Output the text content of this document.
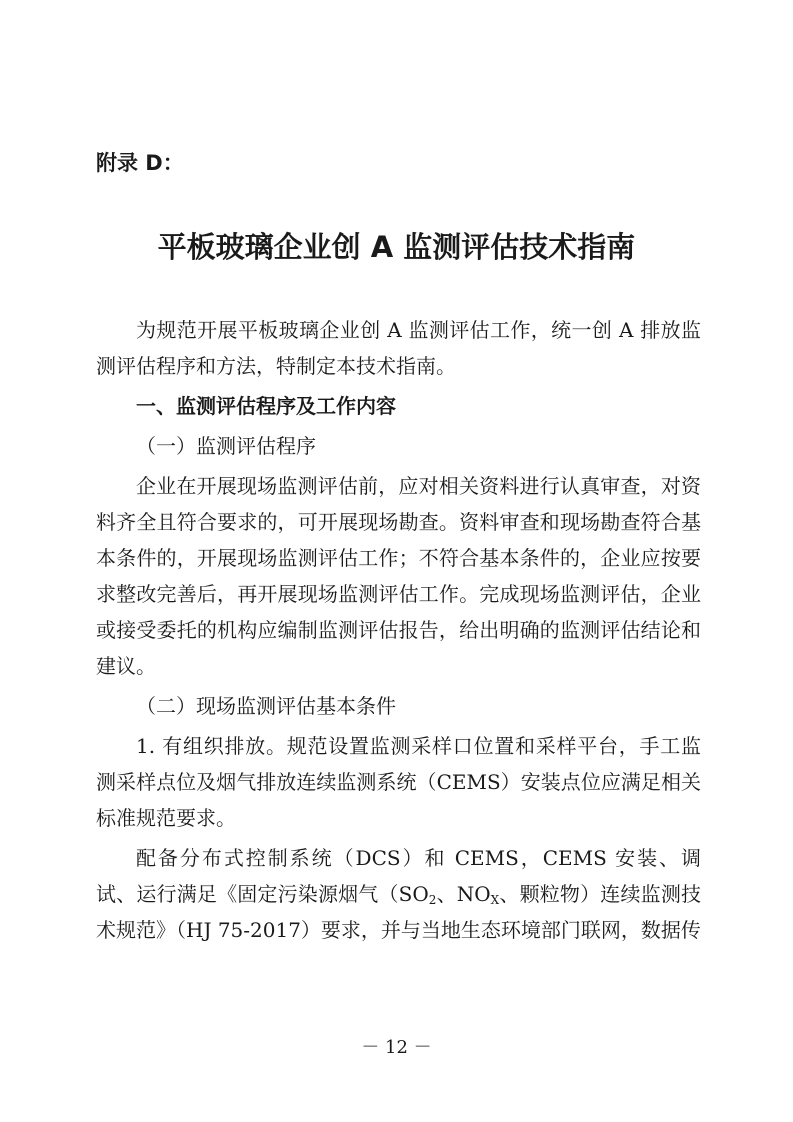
附录 D：
平板玻璃企业创 A 监测评估技术指南

为规范开展平板玻璃企业创 A 监测评估工作，统一创 A 排放监测评估程序和方法，特制定本技术指南。

一、监测评估程序及工作内容

（一）监测评估程序

企业在开展现场监测评估前，应对相关资料进行认真审查，对资料齐全且符合要求的，可开展现场勘查。资料审查和现场勘查符合基本条件的，开展现场监测评估工作；不符合基本条件的，企业应按要求整改完善后，再开展现场监测评估工作。完成现场监测评估，企业或接受委托的机构应编制监测评估报告，给出明确的监测评估结论和建议。

（二）现场监测评估基本条件

1. 有组织排放。规范设置监测采样口位置和采样平台，手工监测采样点位及烟气排放连续监测系统（CEMS）安装点位应满足相关标准规范要求。

配备分布式控制系统（DCS）和 CEMS，CEMS 安装、调试、运行满足《固定污染源烟气（$SO_2$、$NO_X$、颗粒物）连续监测技术规范》（HJ 75-2017）要求，并与当地生态环境部门联网，数据传

－ 12 －
